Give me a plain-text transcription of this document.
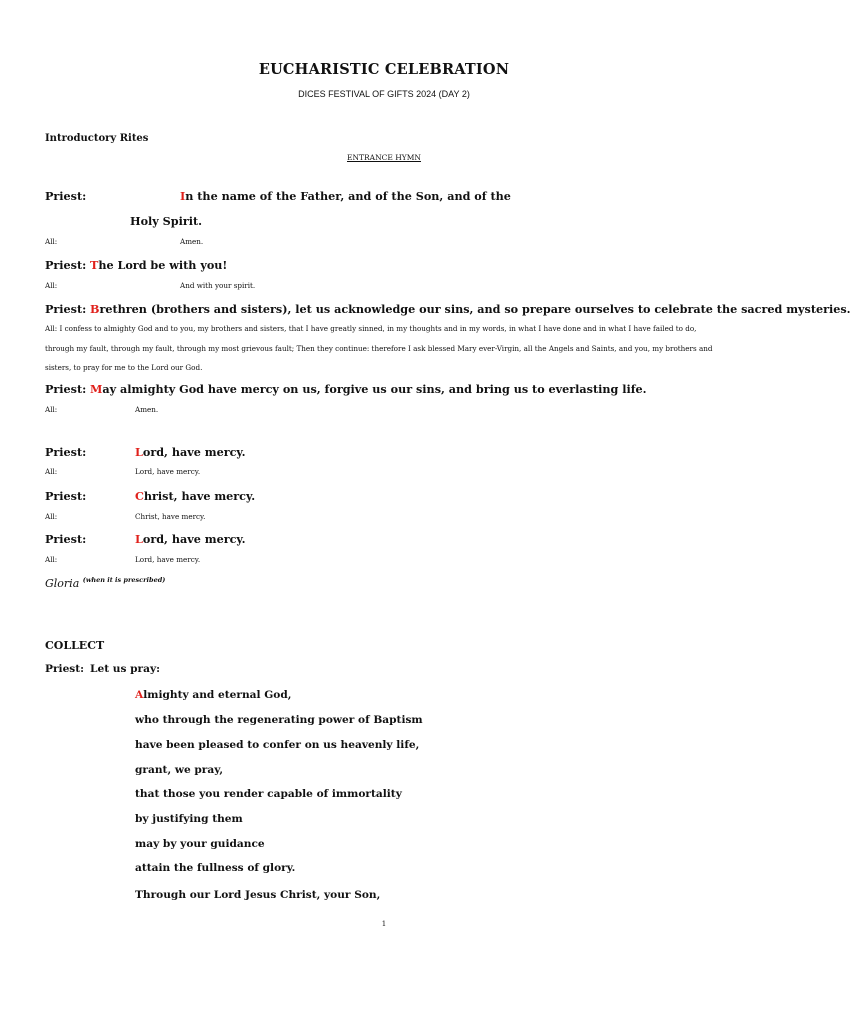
EUCHARISTIC CELEBRATION
DICES FESTIVAL OF GIFTS 2024 (DAY 2)
Introductory Rites
ENTRANCE HYMN
Priest:	In the name of the Father, and of the Son, and of the
Holy Spirit.
All:	Amen.
Priest: The Lord be with you!
All:	And with your spirit.
Priest: Brethren (brothers and sisters), let us acknowledge our sins, and so prepare ourselves to celebrate the sacred mysteries.
All: I confess to almighty God and to you, my brothers and sisters, that I have greatly sinned, in my thoughts and in my words, in what I have done and in what I have failed to do, through my fault, through my fault, through my most grievous fault; Then they continue: therefore I ask blessed Mary ever-Virgin, all the Angels and Saints, and you, my brothers and sisters, to pray for me to the Lord our God.
Priest: May almighty God have mercy on us, forgive us our sins, and bring us to everlasting life.
All:	Amen.
Priest:	Lord, have mercy.
All:	Lord, have mercy.
Priest:	Christ, have mercy.
All:	Christ, have mercy.
Priest:	Lord, have mercy.
All:	Lord, have mercy.
Gloria $^{(when it is prescribed)}$
COLLECT
Priest: Let us pray:
Almighty and eternal God,
who through the regenerating power of Baptism
have been pleased to confer on us heavenly life,
grant, we pray,
that those you render capable of immortality
by justifying them
may by your guidance
attain the fullness of glory.
Through our Lord Jesus Christ, your Son,
1
